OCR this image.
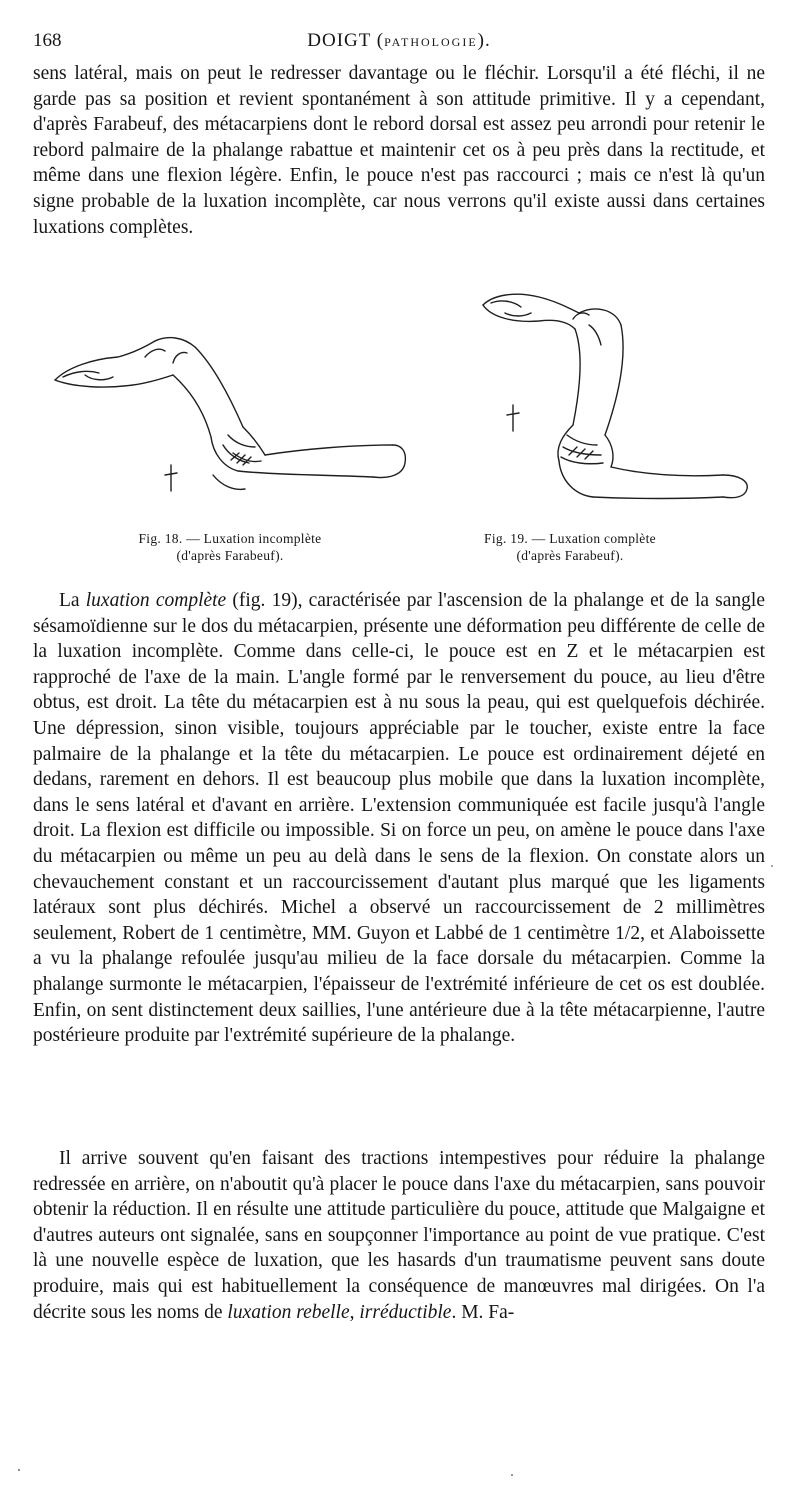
168	DOIGT (PATHOLOGIE).

sens latéral, mais on peut le redresser davantage ou le fléchir. Lorsqu'il a été fléchi, il ne garde pas sa position et revient spontanément à son attitude primitive. Il y a cependant, d'après Farabeuf, des métacarpiens dont le rebord dorsal est assez peu arrondi pour retenir le rebord palmaire de la phalange rabattue et maintenir cet os à peu près dans la rectitude, et même dans une flexion légère. Enfin, le pouce n'est pas raccourci ; mais ce n'est là qu'un signe probable de la luxation incomplète, car nous verrons qu'il existe aussi dans certaines luxations complètes.

Fig. 18. — Luxation incomplète
(d'après Farabeuf).
Fig. 19. — Luxation complète
(d'après Farabeuf).

La luxation complète (fig. 19), caractérisée par l'ascension de la phalange et de la sangle sésamoïdienne sur le dos du métacarpien, présente une déformation peu différente de celle de la luxation incomplète. Comme dans celle-ci, le pouce est en Z et le métacarpien est rapproché de l'axe de la main. L'angle formé par le renversement du pouce, au lieu d'être obtus, est droit. La tête du métacarpien est à nu sous la peau, qui est quelquefois déchirée. Une dépression, sinon visible, toujours appréciable par le toucher, existe entre la face palmaire de la phalange et la tête du métacarpien. Le pouce est ordinairement déjeté en dedans, rarement en dehors. Il est beaucoup plus mobile que dans la luxation incomplète, dans le sens latéral et d'avant en arrière. L'extension communiquée est facile jusqu'à l'angle droit. La flexion est difficile ou impossible. Si on force un peu, on amène le pouce dans l'axe du métacarpien ou même un peu au delà dans le sens de la flexion. On constate alors un chevauchement constant et un raccourcissement d'autant plus marqué que les ligaments latéraux sont plus déchirés. Michel a observé un raccourcissement de 2 millimètres seulement, Robert de 1 centimètre, MM. Guyon et Labbé de 1 centimètre 1/2, et Alaboissette a vu la phalange refoulée jusqu'au milieu de la face dorsale du métacarpien. Comme la phalange surmonte le métacarpien, l'épaisseur de l'extrémité inférieure de cet os est doublée. Enfin, on sent distinctement deux saillies, l'une antérieure due à la tête métacarpienne, l'autre postérieure produite par l'extrémité supérieure de la phalange.

Il arrive souvent qu'en faisant des tractions intempestives pour réduire la phalange redressée en arrière, on n'aboutit qu'à placer le pouce dans l'axe du métacarpien, sans pouvoir obtenir la réduction. Il en résulte une attitude particulière du pouce, attitude que Malgaigne et d'autres auteurs ont signalée, sans en soupçonner l'importance au point de vue pratique. C'est là une nouvelle espèce de luxation, que les hasards d'un traumatisme peuvent sans doute produire, mais qui est habituellement la conséquence de manœuvres mal dirigées. On l'a décrite sous les noms de luxation rebelle, irréductible. M. Fa-
